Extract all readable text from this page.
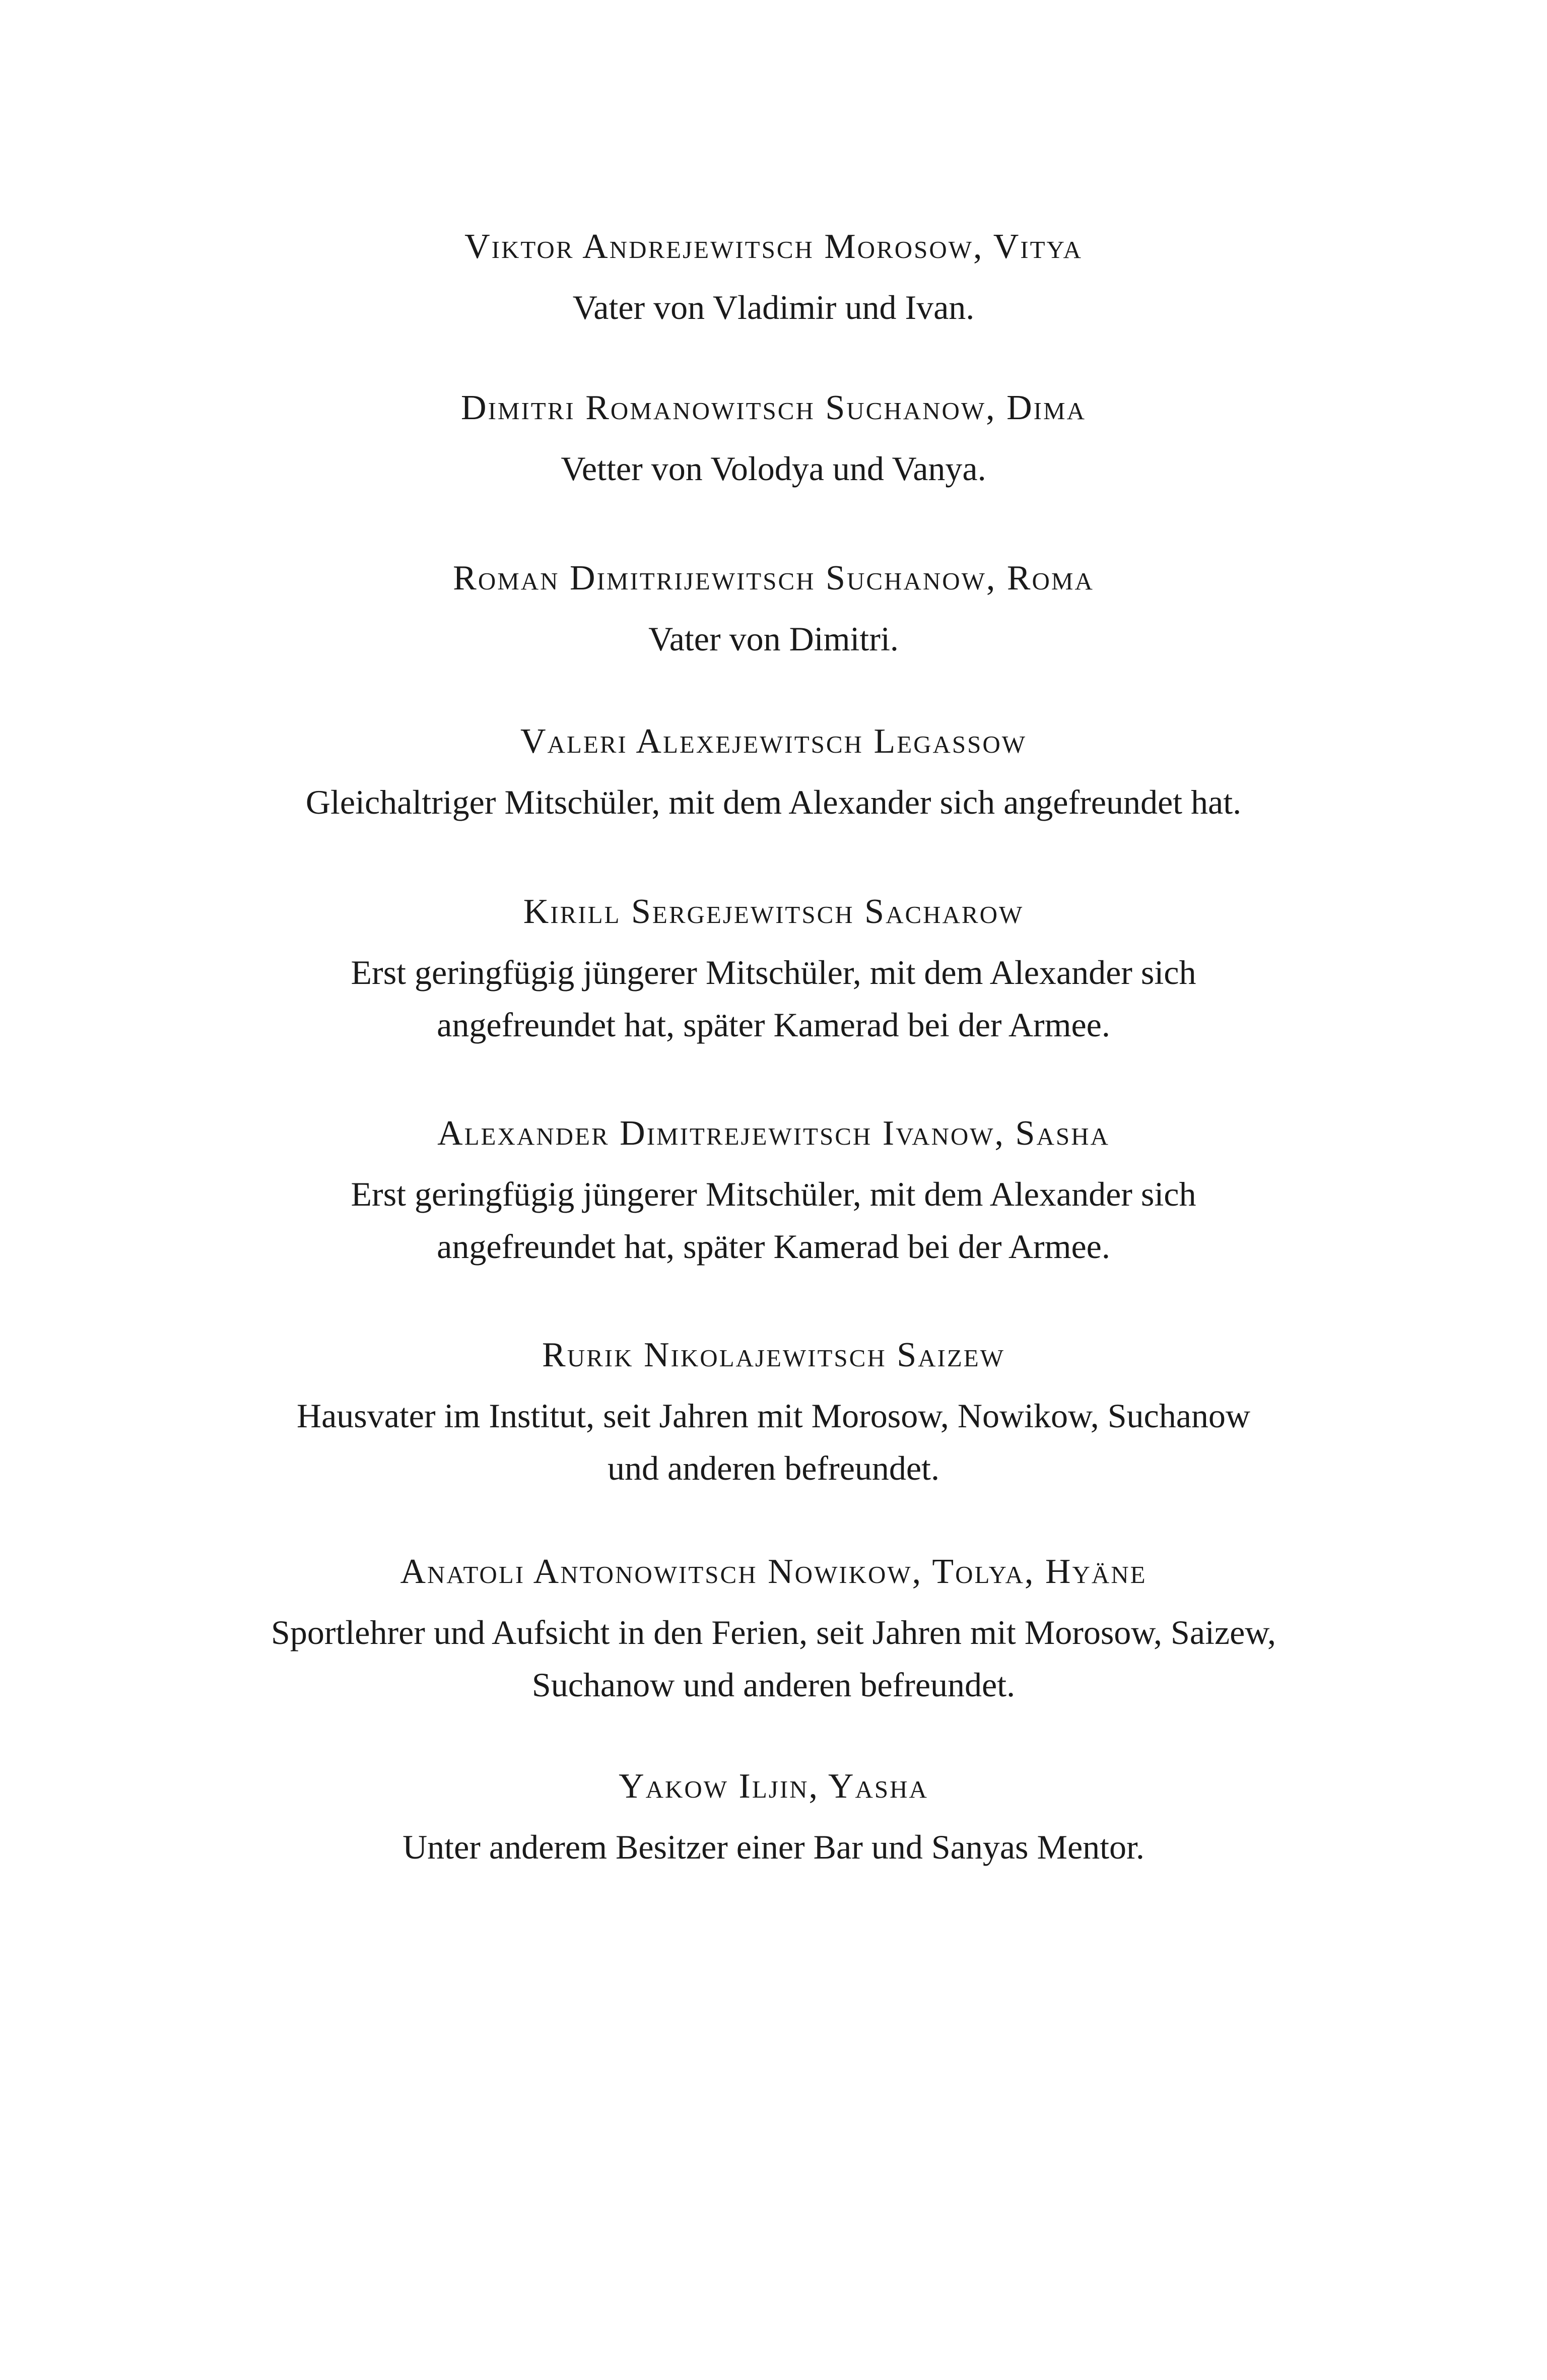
Viktor Andrejewitsch Morosow, Vitya

Vater von Vladimir und Ivan.

Dimitri Romanowitsch Suchanow, Dima

Vetter von Volodya und Vanya.

Roman Dimitrijewitsch Suchanow, Roma

Vater von Dimitri.

Valeri Alexejewitsch Legassow

Gleichaltriger Mitschüler, mit dem Alexander sich angefreundet hat.

Kirill Sergejewitsch Sacharow

Erst geringfügig jüngerer Mitschüler, mit dem Alexander sich
angefreundet hat, später Kamerad bei der Armee.

Alexander Dimitrejewitsch Ivanow, Sasha

Erst geringfügig jüngerer Mitschüler, mit dem Alexander sich
angefreundet hat, später Kamerad bei der Armee.

Rurik Nikolajewitsch Saizew

Hausvater im Institut, seit Jahren mit Morosow, Nowikow, Suchanow
und anderen befreundet.

Anatoli Antonowitsch Nowikow, Tolya, Hyäne

Sportlehrer und Aufsicht in den Ferien, seit Jahren mit Morosow, Saizew,
Suchanow und anderen befreundet.

Yakow Iljin, Yasha

Unter anderem Besitzer einer Bar und Sanyas Mentor.
